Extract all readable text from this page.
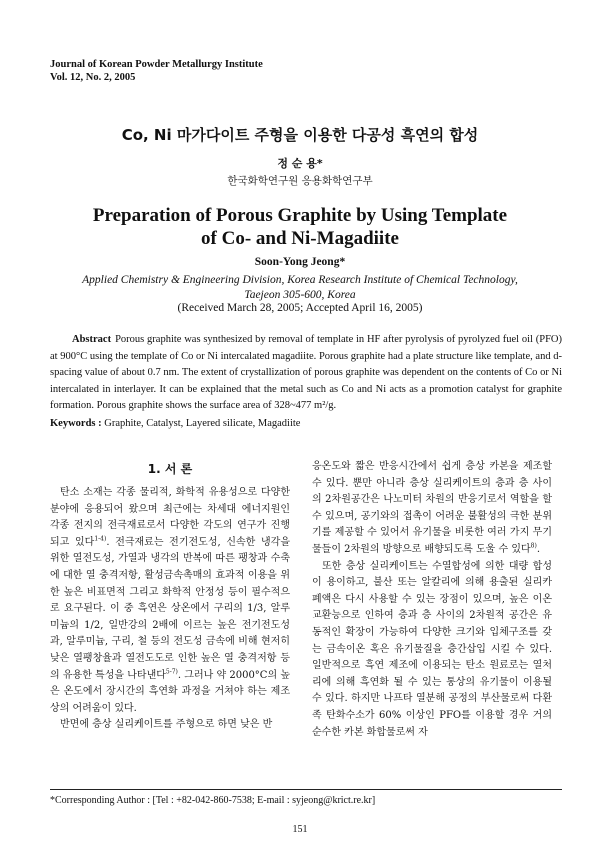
Journal of Korean Powder Metallurgy Institute
Vol. 12, No. 2, 2005
Co, Ni 마가다이트 주형을 이용한 다공성 흑연의 합성
정 순 용*
한국화학연구원 응용화학연구부
Preparation of Porous Graphite by Using Template
of Co- and Ni-Magadiite
Soon-Yong Jeong*
Applied Chemistry & Engineering Division, Korea Research Institute of Chemical Technology,
Taejeon 305-600, Korea
(Received March 28, 2005; Accepted April 16, 2005)
Abstract Porous graphite was synthesized by removal of template in HF after pyrolysis of pyrolyzed fuel oil (PFO) at 900°C using the template of Co or Ni intercalated magadiite. Porous graphite had a plate structure like template, and d-spacing value of about 0.7 nm. The extent of crystallization of porous graphite was dependent on the contents of Co or Ni intercalated in interlayer. It can be explained that the metal such as Co and Ni acts as a promotion catalyst for graphite formation. Porous graphite shows the surface area of 328~477 m²/g.
Keywords : Graphite, Catalyst, Layered silicate, Magadiite
1. 서 론

탄소 소재는 각종 물리적, 화학적 유용성으로 다양한 분야에 응용되어 왔으며 최근에는 차세대 에너지원인 각종 전지의 전극재료로서 다양한 각도의 연구가 진행 되고 있다$^{1-4)}$. 전극재료는 전기전도성, 신속한 냉각을 위한 열전도성, 가열과 냉각의 반복에 따른 팽창과 수축에 대한 열 충격저항, 활성금속촉매의 효과적 이용을 위한 높은 비표면적 그리고 화학적 안정성 등이 필수적으로 요구된다. 이 중 흑연은 상온에서 구리의 1/3, 알루미늄의 1/2, 일반강의 2배에 이르는 높은 전기전도성과, 알루미늄, 구리, 철 등의 전도성 금속에 비해 현저히 낮은 열팽창율과 열전도도로 인한 높은 열 충격저항 등의 유용한 특성을 나타낸다$^{5-7)}$. 그러나 약 2000°C의 높은 온도에서 장시간의 흑연화 과정을 거쳐야 하는 제조상의 어려움이 있다.

반면에 층상 실리케이트를 주형으로 하면 낮은 반

응온도와 짧은 반응시간에서 쉽게 층상 카본을 제조할 수 있다. 뿐만 아니라 층상 실리케이트의 층과 층 사이의 2차원공간은 나노미터 차원의 반응기로서 역할을 할 수 있으며, 공기와의 접촉이 어려운 불활성의 극한 분위기를 제공할 수 있어서 유기물을 비롯한 여러 가지 무기물들이 2차원의 방향으로 배향되도록 도울 수 있다$^{8)}$.

또한 층상 실리케이트는 수열합성에 의한 대량 합성이 용이하고, 불산 또는 알칼리에 의해 용출된 실리카 폐액은 다시 사용할 수 있는 장점이 있으며, 높은 이온 교환능으로 인하여 층과 층 사이의 2차원적 공간은 유동적인 확장이 가능하여 다양한 크기와 입체구조를 갖는 금속이온 혹은 유기물질을 층간삽입 시킬 수 있다. 일반적으로 흑연 제조에 이용되는 탄소 원료로는 열처리에 의해 흑연화 될 수 있는 통상의 유기물이 이용될 수 있다. 하지만 나프타 열분해 공정의 부산물로써 다환족 탄화수소가 60% 이상인 PFO를 이용할 경우 거의 순수한 카본 화합물로써 자

*Corresponding Author : [Tel : +82-042-860-7538; E-mail : syjeong@krict.re.kr]
151
